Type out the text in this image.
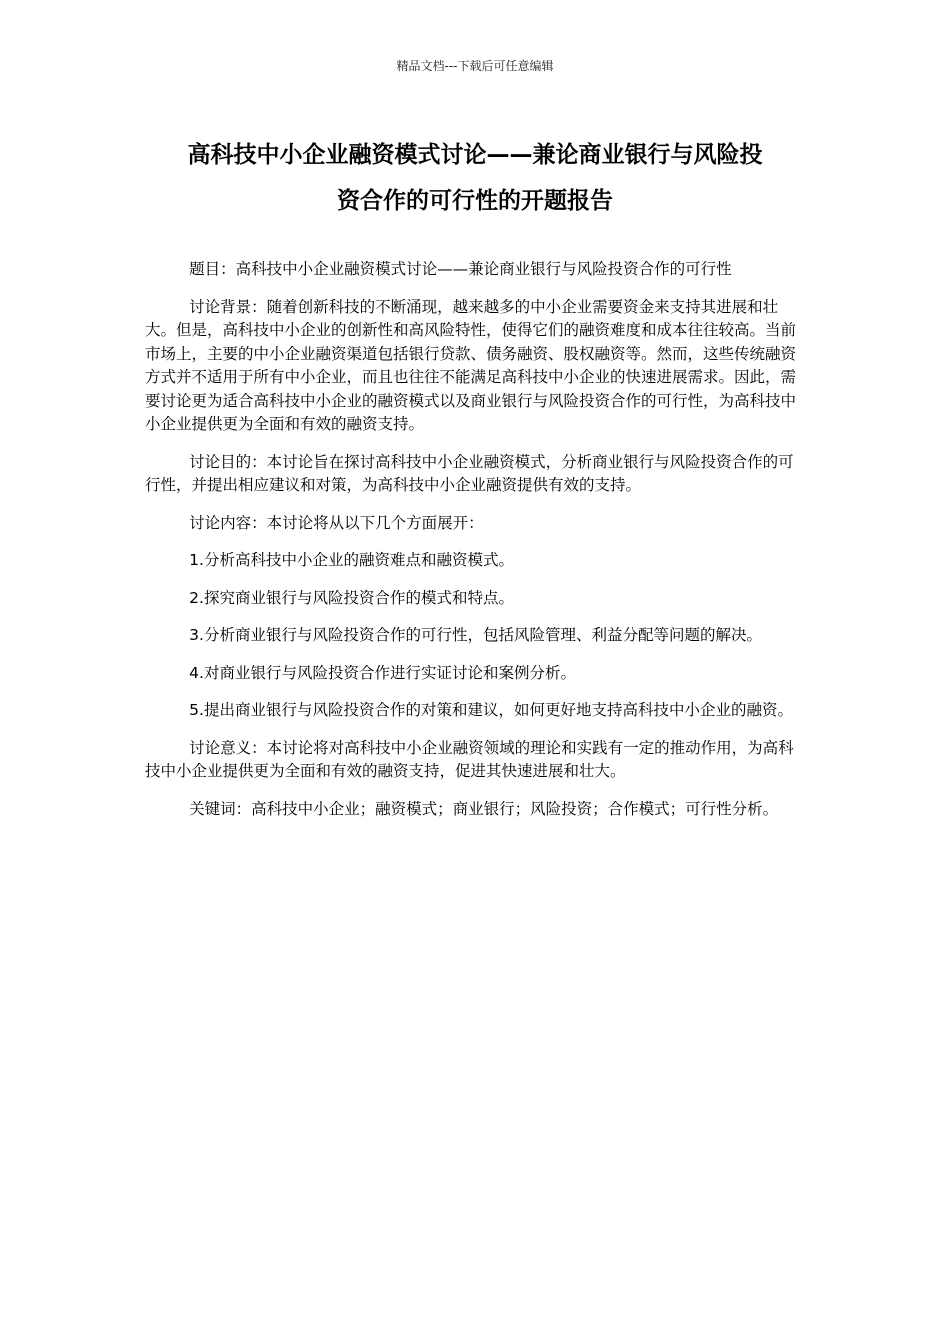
精品文档---下载后可任意编辑
高科技中小企业融资模式讨论——兼论商业银行与风险投
资合作的可行性的开题报告

题目：高科技中小企业融资模式讨论——兼论商业银行与风险投资合作的可行性

讨论背景：随着创新科技的不断涌现，越来越多的中小企业需要资金来支持其进展和壮大。但是，高科技中小企业的创新性和高风险特性，使得它们的融资难度和成本往往较高。当前市场上，主要的中小企业融资渠道包括银行贷款、债务融资、股权融资等。然而，这些传统融资方式并不适用于所有中小企业，而且也往往不能满足高科技中小企业的快速进展需求。因此，需要讨论更为适合高科技中小企业的融资模式以及商业银行与风险投资合作的可行性，为高科技中小企业提供更为全面和有效的融资支持。

讨论目的：本讨论旨在探讨高科技中小企业融资模式，分析商业银行与风险投资合作的可行性，并提出相应建议和对策，为高科技中小企业融资提供有效的支持。

讨论内容：本讨论将从以下几个方面展开：

1.分析高科技中小企业的融资难点和融资模式。

2.探究商业银行与风险投资合作的模式和特点。

3.分析商业银行与风险投资合作的可行性，包括风险管理、利益分配等问题的解决。

4.对商业银行与风险投资合作进行实证讨论和案例分析。

5.提出商业银行与风险投资合作的对策和建议，如何更好地支持高科技中小企业的融资。

讨论意义：本讨论将对高科技中小企业融资领域的理论和实践有一定的推动作用，为高科技中小企业提供更为全面和有效的融资支持，促进其快速进展和壮大。

关键词：高科技中小企业；融资模式；商业银行；风险投资；合作模式；可行性分析。
